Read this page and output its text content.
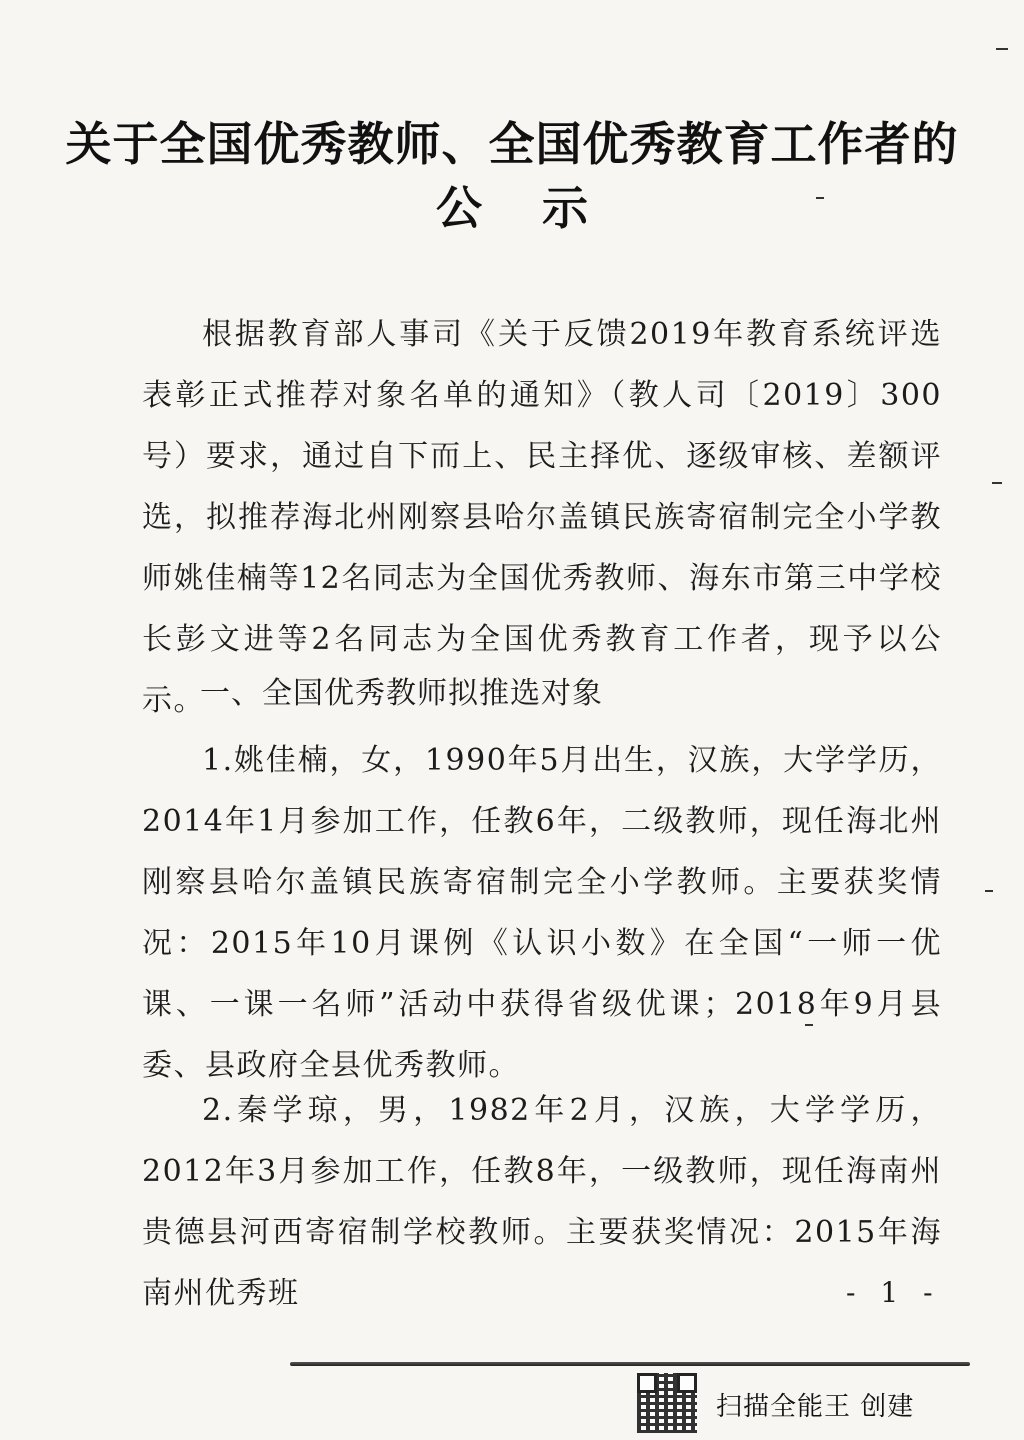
关于全国优秀教师、全国优秀教育工作者的
公示

根据教育部人事司《关于反馈2019年教育系统评选表彰正式推荐对象名单的通知》（教人司〔2019〕300号）要求，通过自下而上、民主择优、逐级审核、差额评选，拟推荐海北州刚察县哈尔盖镇民族寄宿制完全小学教师姚佳楠等12名同志为全国优秀教师、海东市第三中学校长彭文进等2名同志为全国优秀教育工作者，现予以公示。

一、全国优秀教师拟推选对象

1.姚佳楠，女，1990年5月出生，汉族，大学学历，2014年1月参加工作，任教6年，二级教师，现任海北州刚察县哈尔盖镇民族寄宿制完全小学教师。主要获奖情况：2015年10月课例《认识小数》在全国“一师一优课、一课一名师”活动中获得省级优课；2018年9月县委、县政府全县优秀教师。

2.秦学琼，男，1982年2月，汉族，大学学历，2012年3月参加工作，任教8年，一级教师，现任海南州贵德县河西寄宿制学校教师。主要获奖情况：2015年海南州优秀班	- 1 -
扫描全能王 创建
